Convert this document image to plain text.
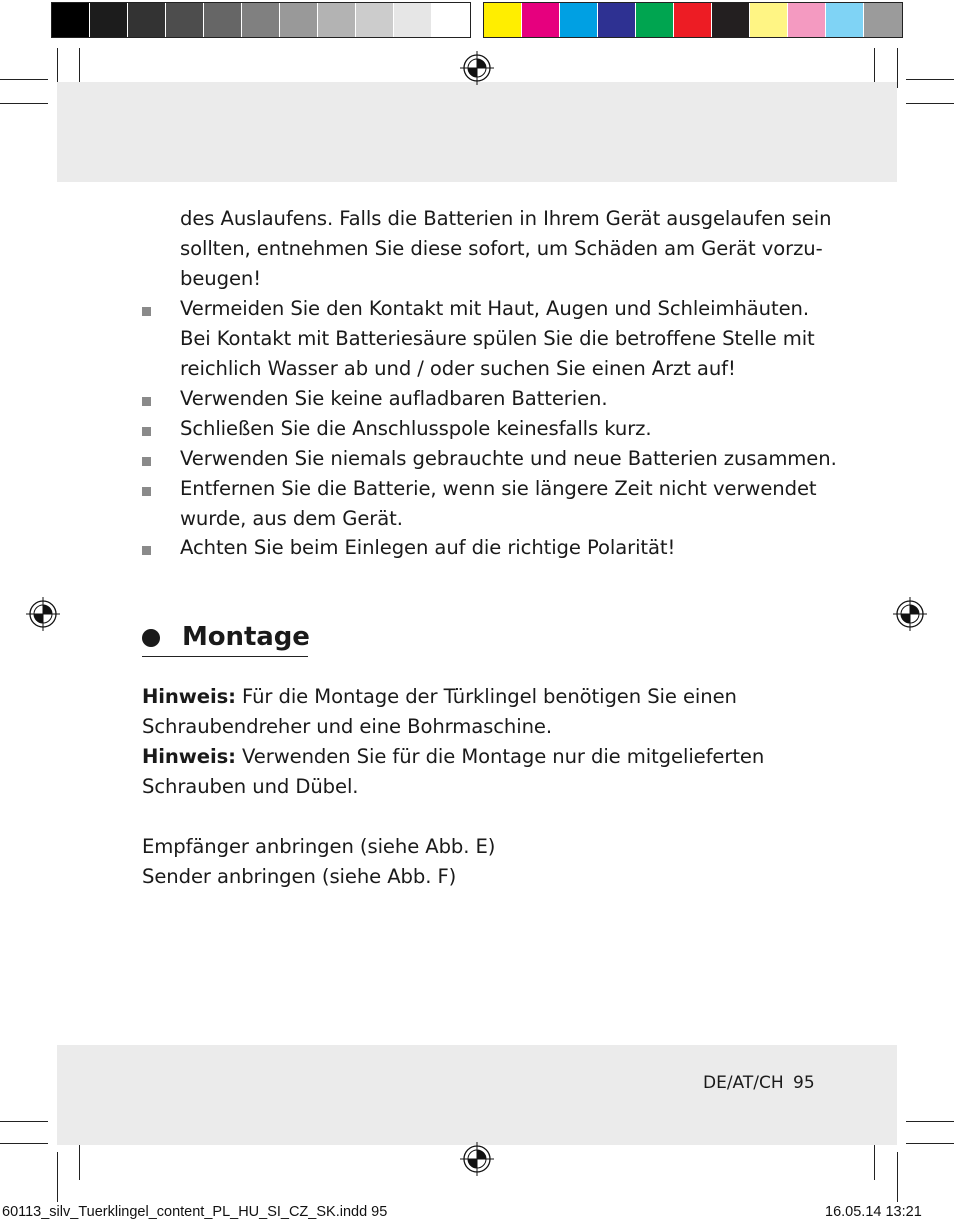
des Auslaufens. Falls die Batterien in Ihrem Gerät ausgelaufen sein
sollten, entnehmen Sie diese sofort, um Schäden am Gerät vorzu-
beugen!
Vermeiden Sie den Kontakt mit Haut, Augen und Schleimhäuten.
Bei Kontakt mit Batteriesäure spülen Sie die betroffene Stelle mit
reichlich Wasser ab und / oder suchen Sie einen Arzt auf!
Verwenden Sie keine aufladbaren Batterien.
Schließen Sie die Anschlusspole keinesfalls kurz.
Verwenden Sie niemals gebrauchte und neue Batterien zusammen.
Entfernen Sie die Batterie, wenn sie längere Zeit nicht verwendet
wurde, aus dem Gerät.
Achten Sie beim Einlegen auf die richtige Polarität!
Montage
Hinweis: Für die Montage der Türklingel benötigen Sie einen
Schraubendreher und eine Bohrmaschine.
Hinweis: Verwenden Sie für die Montage nur die mitgelieferten
Schrauben und Dübel.
Empfänger anbringen (siehe Abb. E)
Sender anbringen (siehe Abb. F)
DE/AT/CH 95
60113_silv_Tuerklingel_content_PL_HU_SI_CZ_SK.indd 95	16.05.14 13:21
